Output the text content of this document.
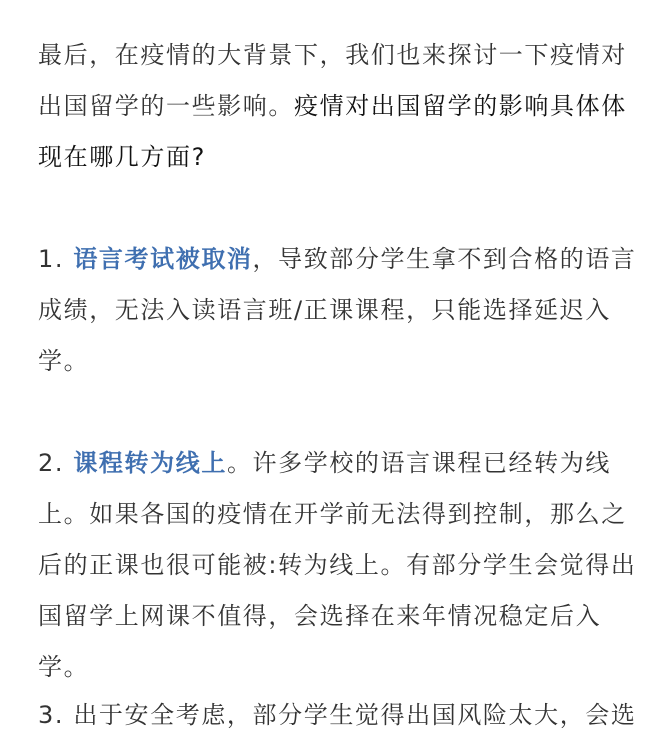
最后，在疫情的大背景下，我们也来探讨一下疫情对出国留学的一些影响。疫情对出国留学的影响具体体现在哪几方面?

1. 语言考试被取消，导致部分学生拿不到合格的语言成绩，无法入读语言班/正课课程，只能选择延迟入学。

2. 课程转为线上。许多学校的语言课程已经转为线上。如果各国的疫情在开学前无法得到控制，那么之后的正课也很可能被:转为线上。有部分学生会觉得出国留学上网课不值得，会选择在来年情况稳定后入学。

3. 出于安全考虑，部分学生觉得出国风险太大，会选
